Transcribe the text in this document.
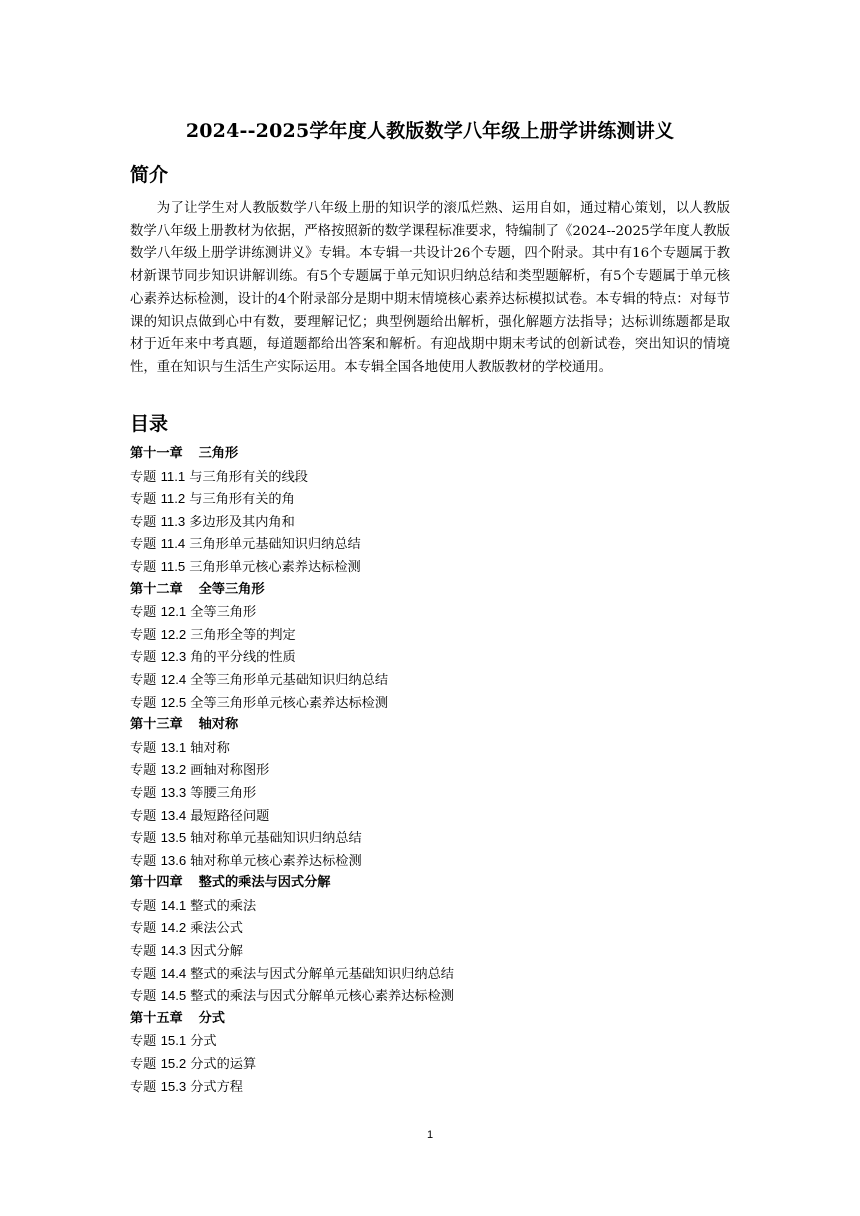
2024--2025学年度人教版数学八年级上册学讲练测讲义
简介

为了让学生对人教版数学八年级上册的知识学的滚瓜烂熟、运用自如，通过精心策划，以人教版数学八年级上册教材为依据，严格按照新的数学课程标准要求，特编制了《2024--2025学年度人教版数学八年级上册学讲练测讲义》专辑。本专辑一共设计26个专题，四个附录。其中有16个专题属于教材新课节同步知识讲解训练。有5个专题属于单元知识归纳总结和类型题解析，有5个专题属于单元核心素养达标检测，设计的4个附录部分是期中期末情境核心素养达标模拟试卷。本专辑的特点：对每节课的知识点做到心中有数，要理解记忆；典型例题给出解析，强化解题方法指导；达标训练题都是取材于近年来中考真题，每道题都给出答案和解析。有迎战期中期末考试的创新试卷，突出知识的情境性，重在知识与生活生产实际运用。本专辑全国各地使用人教版教材的学校通用。

目录
第十一章 三角形
专题 11.1 与三角形有关的线段
专题 11.2 与三角形有关的角
专题 11.3 多边形及其内角和
专题 11.4 三角形单元基础知识归纳总结
专题 11.5 三角形单元核心素养达标检测
第十二章 全等三角形
专题 12.1 全等三角形
专题 12.2 三角形全等的判定
专题 12.3 角的平分线的性质
专题 12.4 全等三角形单元基础知识归纳总结
专题 12.5 全等三角形单元核心素养达标检测
第十三章 轴对称
专题 13.1 轴对称
专题 13.2 画轴对称图形
专题 13.3 等腰三角形
专题 13.4 最短路径问题
专题 13.5 轴对称单元基础知识归纳总结
专题 13.6 轴对称单元核心素养达标检测
第十四章 整式的乘法与因式分解
专题 14.1 整式的乘法
专题 14.2 乘法公式
专题 14.3 因式分解
专题 14.4 整式的乘法与因式分解单元基础知识归纳总结
专题 14.5 整式的乘法与因式分解单元核心素养达标检测
第十五章 分式
专题 15.1 分式
专题 15.2 分式的运算
专题 15.3 分式方程
1
